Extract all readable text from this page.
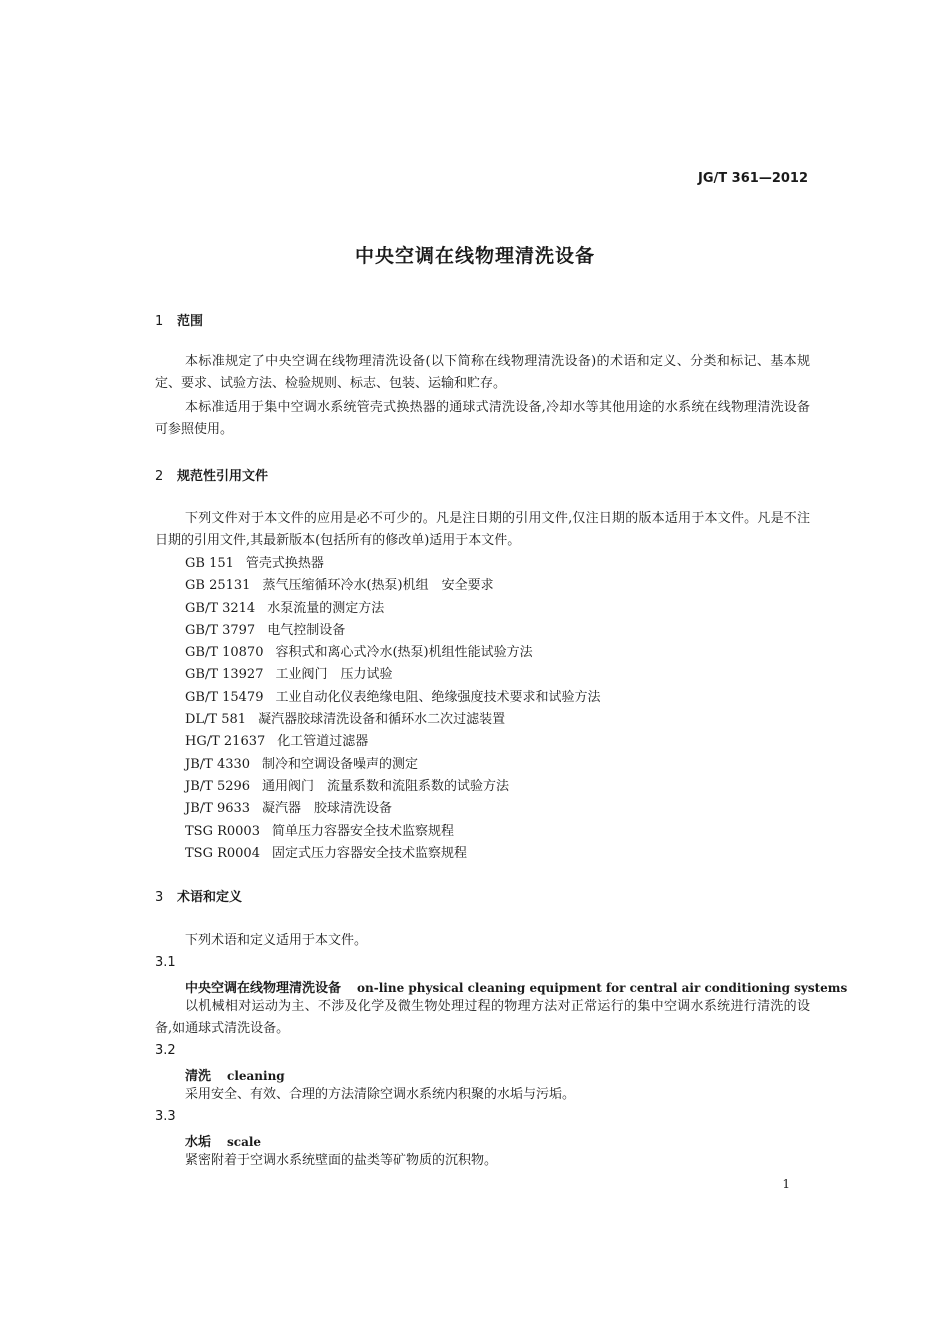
JG/T 361—2012
中央空调在线物理清洗设备
1 范围
本标准规定了中央空调在线物理清洗设备(以下简称在线物理清洗设备)的术语和定义、分类和标记、基本规定、要求、试验方法、检验规则、标志、包装、运输和贮存。
本标准适用于集中空调水系统管壳式换热器的通球式清洗设备,冷却水等其他用途的水系统在线物理清洗设备可参照使用。
2 规范性引用文件
下列文件对于本文件的应用是必不可少的。凡是注日期的引用文件,仅注日期的版本适用于本文件。凡是不注日期的引用文件,其最新版本(包括所有的修改单)适用于本文件。
GB 151 管壳式换热器
GB 25131 蒸气压缩循环冷水(热泵)机组　安全要求
GB/T 3214 水泵流量的测定方法
GB/T 3797 电气控制设备
GB/T 10870 容积式和离心式冷水(热泵)机组性能试验方法
GB/T 13927 工业阀门　压力试验
GB/T 15479 工业自动化仪表绝缘电阻、绝缘强度技术要求和试验方法
DL/T 581 凝汽器胶球清洗设备和循环水二次过滤装置
HG/T 21637 化工管道过滤器
JB/T 4330 制冷和空调设备噪声的测定
JB/T 5296 通用阀门　流量系数和流阻系数的试验方法
JB/T 9633 凝汽器　胶球清洗设备
TSG R0003 简单压力容器安全技术监察规程
TSG R0004 固定式压力容器安全技术监察规程
3 术语和定义
下列术语和定义适用于本文件。
3.1
中央空调在线物理清洗设备 on-line physical cleaning equipment for central air conditioning systems
以机械相对运动为主、不涉及化学及微生物处理过程的物理方法对正常运行的集中空调水系统进行清洗的设备,如通球式清洗设备。
3.2
清洗 cleaning
采用安全、有效、合理的方法清除空调水系统内积聚的水垢与污垢。
3.3
水垢 scale
紧密附着于空调水系统壁面的盐类等矿物质的沉积物。
1
